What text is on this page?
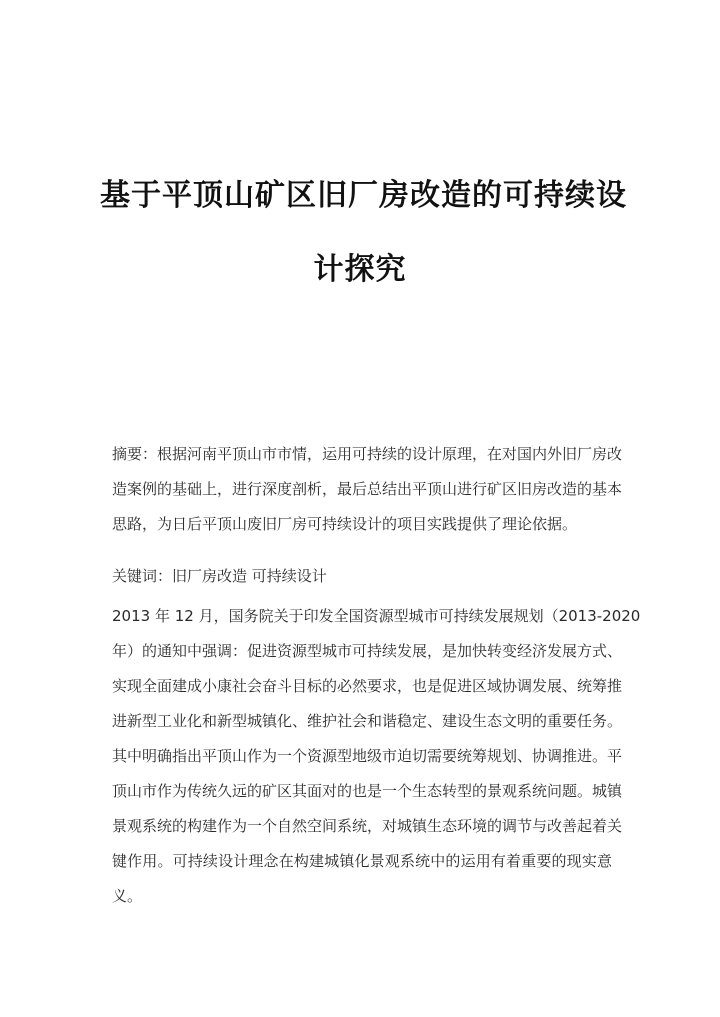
基于平顶山矿区旧厂房改造的可持续设
计探究
摘要：根据河南平顶山市市情，运用可持续的设计原理，在对国内外旧厂房改
造案例的基础上，进行深度剖析，最后总结出平顶山进行矿区旧房改造的基本
思路，为日后平顶山废旧厂房可持续设计的项目实践提供了理论依据。
关键词：旧厂房改造 可持续设计
2013 年 12 月，国务院关于印发全国资源型城市可持续发展规划（2013-2020
年）的通知中强调：促进资源型城市可持续发展，是加快转变经济发展方式、
实现全面建成小康社会奋斗目标的必然要求，也是促进区域协调发展、统筹推
进新型工业化和新型城镇化、维护社会和谐稳定、建设生态文明的重要任务。
其中明确指出平顶山作为一个资源型地级市迫切需要统筹规划、协调推进。平
顶山市作为传统久远的矿区其面对的也是一个生态转型的景观系统问题。城镇
景观系统的构建作为一个自然空间系统，对城镇生态环境的调节与改善起着关
键作用。可持续设计理念在构建城镇化景观系统中的运用有着重要的现实意
义。
